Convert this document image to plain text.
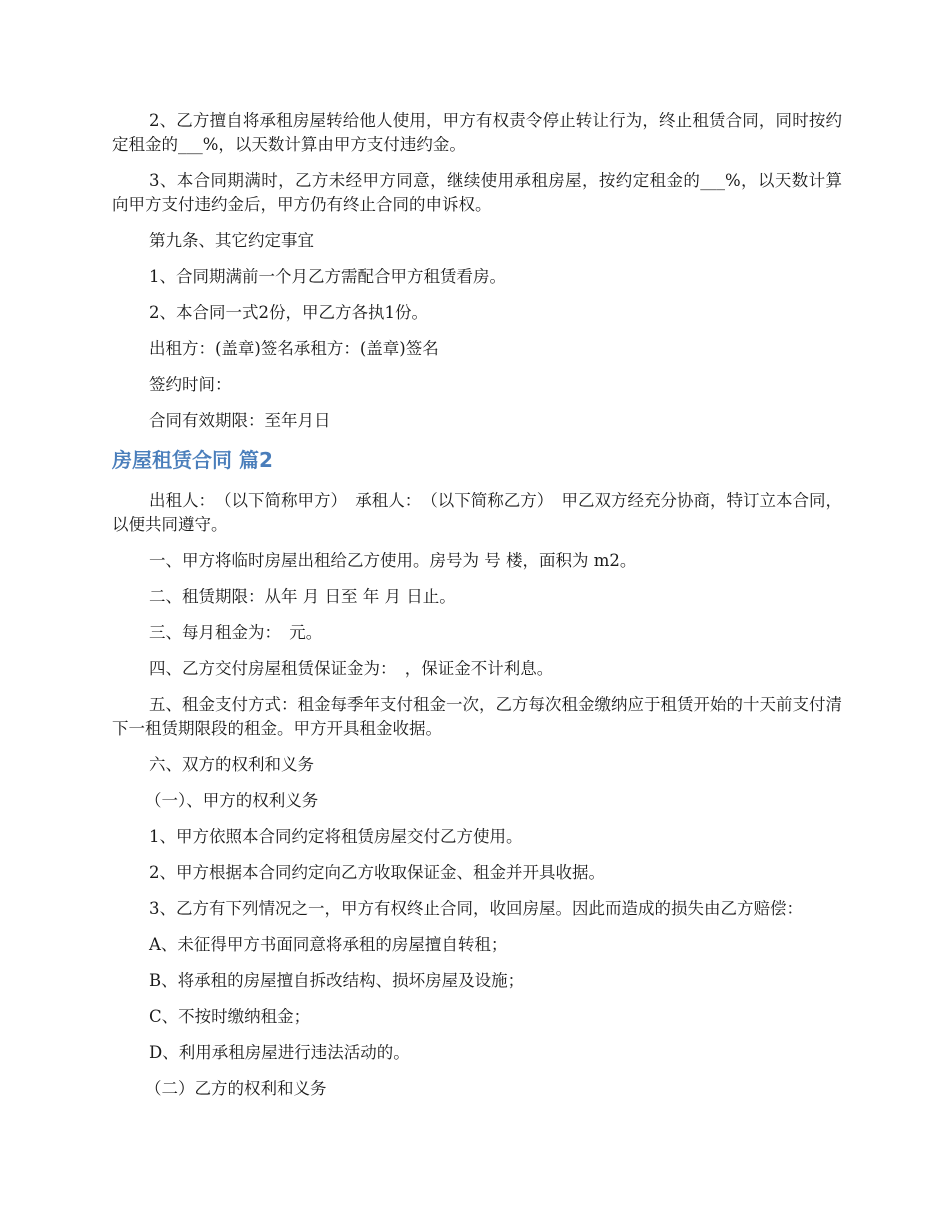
2、乙方擅自将承租房屋转给他人使用，甲方有权责令停止转让行为，终止租赁合同，同时按约定租金的___%，以天数计算由甲方支付违约金。

3、本合同期满时，乙方未经甲方同意，继续使用承租房屋，按约定租金的___%，以天数计算向甲方支付违约金后，甲方仍有终止合同的申诉权。

第九条、其它约定事宜

1、合同期满前一个月乙方需配合甲方租赁看房。

2、本合同一式2份，甲乙方各执1份。

出租方：(盖章)签名承租方：(盖章)签名

签约时间：

合同有效期限：至年月日

房屋租赁合同 篇2

出租人：　（以下简称甲方）　承租人：　（以下简称乙方）　甲乙双方经充分协商，特订立本合同，以便共同遵守。

一、甲方将临时房屋出租给乙方使用。房号为 号 楼，面积为 m2。

二、租赁期限：从年 月 日至 年 月 日止。

三、每月租金为：　元。

四、乙方交付房屋租赁保证金为：　，保证金不计利息。

五、租金支付方式：租金每季年支付租金一次，乙方每次租金缴纳应于租赁开始的十天前支付清下一租赁期限段的租金。甲方开具租金收据。

六、双方的权利和义务

（一）、甲方的权利义务

1、甲方依照本合同约定将租赁房屋交付乙方使用。

2、甲方根据本合同约定向乙方收取保证金、租金并开具收据。

3、乙方有下列情况之一，甲方有权终止合同，收回房屋。因此而造成的损失由乙方赔偿：

A、未征得甲方书面同意将承租的房屋擅自转租；

B、将承租的房屋擅自拆改结构、损坏房屋及设施；

C、不按时缴纳租金；

D、利用承租房屋进行违法活动的。

（二）乙方的权利和义务
